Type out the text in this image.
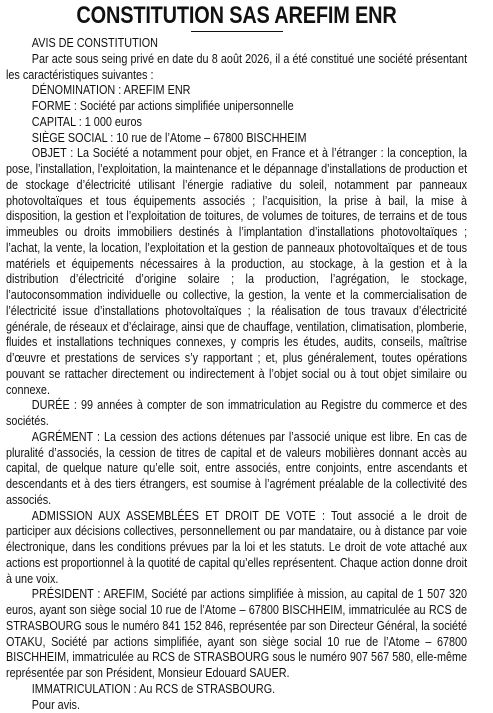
CONSTITUTION SAS AREFIM ENR

AVIS DE CONSTITUTION

Par acte sous seing privé en date du 8 août 2026, il a été constitué une société présentant les caractéristiques suivantes :

DÉNOMINATION : AREFIM ENR

FORME : Société par actions simplifiée unipersonnelle

CAPITAL : 1 000 euros

SIÈGE SOCIAL : 10 rue de l’Atome – 67800 BISCHHEIM

OBJET : La Société a notamment pour objet, en France et à l’étranger : la conception, la pose, l’installation, l’exploitation, la maintenance et le dépannage d’installations de production et de stockage d’électricité utilisant l’énergie radiative du soleil, notamment par panneaux photovoltaïques et tous équipements associés ; l’acquisition, la prise à bail, la mise à disposition, la gestion et l’exploitation de toitures, de volumes de toitures, de terrains et de tous immeubles ou droits immobiliers destinés à l’implantation d’installations photovoltaïques ; l’achat, la vente, la location, l’exploitation et la gestion de panneaux photovoltaïques et de tous matériels et équipements nécessaires à la production, au stockage, à la gestion et à la distribution d’électricité d’origine solaire ; la production, l’agrégation, le stockage, l’autoconsommation individuelle ou collective, la gestion, la vente et la commercialisation de l’électricité issue d’installations photovoltaïques ; la réalisation de tous travaux d’électricité générale, de réseaux et d’éclairage, ainsi que de chauffage, ventilation, climatisation, plomberie, fluides et installations techniques connexes, y compris les études, audits, conseils, maîtrise d’œuvre et prestations de services s’y rapportant ; et, plus généralement, toutes opérations pouvant se rattacher directement ou indirectement à l’objet social ou à tout objet similaire ou connexe.

DURÉE : 99 années à compter de son immatriculation au Registre du commerce et des sociétés.

AGRÉMENT : La cession des actions détenues par l’associé unique est libre. En cas de pluralité d’associés, la cession de titres de capital et de valeurs mobilières donnant accès au capital, de quelque nature qu’elle soit, entre associés, entre conjoints, entre ascendants et descendants et à des tiers étrangers, est soumise à l’agrément préalable de la collectivité des associés.

ADMISSION AUX ASSEMBLÉES ET DROIT DE VOTE : Tout associé a le droit de participer aux décisions collectives, personnellement ou par mandataire, ou à distance par voie électronique, dans les conditions prévues par la loi et les statuts. Le droit de vote attaché aux actions est proportionnel à la quotité de capital qu’elles représentent. Chaque action donne droit à une voix.

PRÉSIDENT : AREFIM, Société par actions simplifiée à mission, au capital de 1 507 320 euros, ayant son siège social 10 rue de l’Atome – 67800 BISCHHEIM, immatriculée au RCS de STRASBOURG sous le numéro 841 152 846, représentée par son Directeur Général, la société OTAKU, Société par actions simplifiée, ayant son siège social 10 rue de l’Atome – 67800 BISCHHEIM, immatriculée au RCS de STRASBOURG sous le numéro 907 567 580, elle-même représentée par son Président, Monsieur Edouard SAUER.

IMMATRICULATION : Au RCS de STRASBOURG.

Pour avis.
